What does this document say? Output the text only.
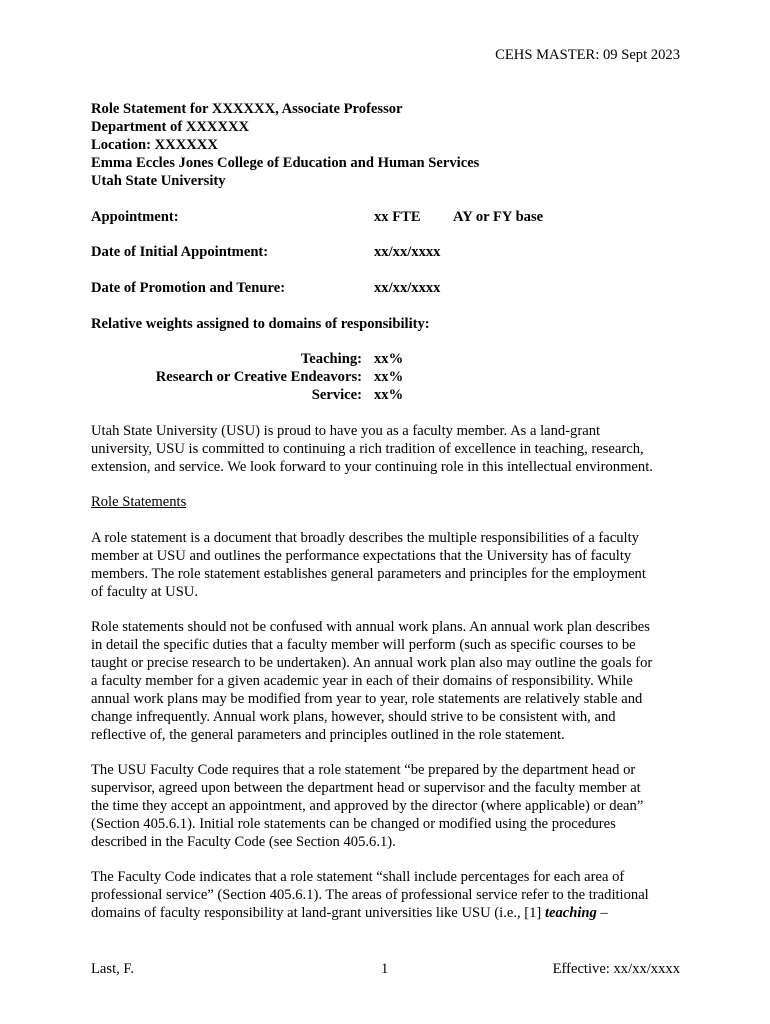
CEHS MASTER: 09 Sept 2023
Role Statement for XXXXXX, Associate Professor
Department of XXXXXX
Location: XXXXXX
Emma Eccles Jones College of Education and Human Services
Utah State University
Appointment:	xx FTE AY or FY base
Date of Initial Appointment:	xx/xx/xxxx
Date of Promotion and Tenure:	xx/xx/xxxx
Relative weights assigned to domains of responsibility:
Teaching: xx%
Research or Creative Endeavors: xx%
Service: xx%
Utah State University (USU) is proud to have you as a faculty member. As a land-grant
university, USU is committed to continuing a rich tradition of excellence in teaching, research,
extension, and service. We look forward to your continuing role in this intellectual environment.
Role Statements
A role statement is a document that broadly describes the multiple responsibilities of a faculty
member at USU and outlines the performance expectations that the University has of faculty
members. The role statement establishes general parameters and principles for the employment
of faculty at USU.
Role statements should not be confused with annual work plans. An annual work plan describes
in detail the specific duties that a faculty member will perform (such as specific courses to be
taught or precise research to be undertaken). An annual work plan also may outline the goals for
a faculty member for a given academic year in each of their domains of responsibility. While
annual work plans may be modified from year to year, role statements are relatively stable and
change infrequently. Annual work plans, however, should strive to be consistent with, and
reflective of, the general parameters and principles outlined in the role statement.
The USU Faculty Code requires that a role statement “be prepared by the department head or
supervisor, agreed upon between the department head or supervisor and the faculty member at
the time they accept an appointment, and approved by the director (where applicable) or dean”
(Section 405.6.1). Initial role statements can be changed or modified using the procedures
described in the Faculty Code (see Section 405.6.1).
The Faculty Code indicates that a role statement “shall include percentages for each area of
professional service” (Section 405.6.1). The areas of professional service refer to the traditional
domains of faculty responsibility at land-grant universities like USU (i.e., [1] teaching –
Last, F.	1	Effective: xx/xx/xxxx
